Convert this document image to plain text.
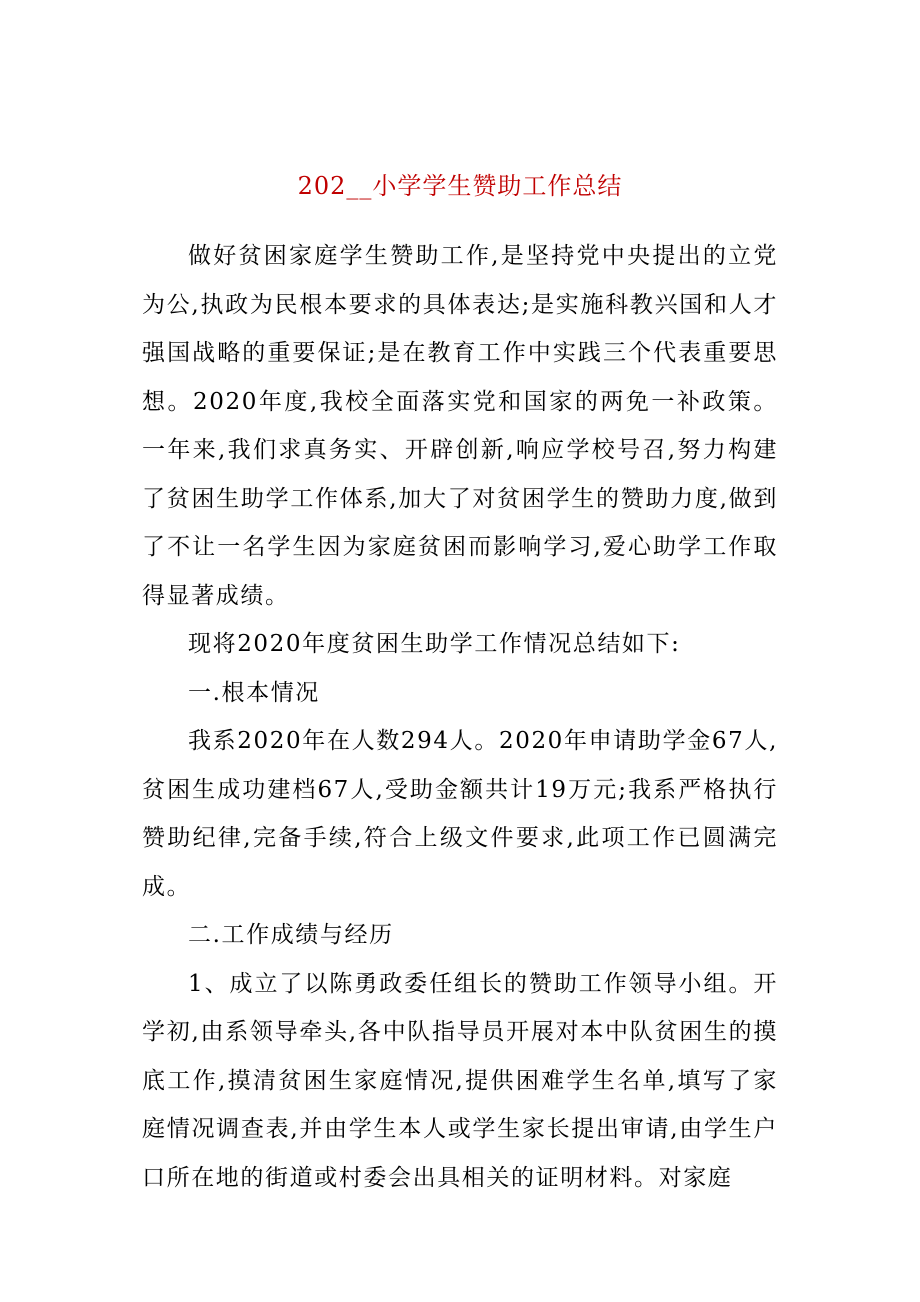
202__小学学生赞助工作总结

做好贫困家庭学生赞助工作,是坚持党中央提出的立党为公,执政为民根本要求的具体表达;是实施科教兴国和人才强国战略的重要保证;是在教育工作中实践三个代表重要思想。2020年度,我校全面落实党和国家的两免一补政策。一年来,我们求真务实、开辟创新,响应学校号召,努力构建了贫困生助学工作体系,加大了对贫困学生的赞助力度,做到了不让一名学生因为家庭贫困而影响学习,爱心助学工作取得显著成绩。

现将2020年度贫困生助学工作情况总结如下:

一.根本情况

我系2020年在人数294人。2020年申请助学金67人,贫困生成功建档67人,受助金额共计19万元;我系严格执行赞助纪律,完备手续,符合上级文件要求,此项工作已圆满完成。

二.工作成绩与经历

1、成立了以陈勇政委任组长的赞助工作领导小组。开学初,由系领导牵头,各中队指导员开展对本中队贫困生的摸底工作,摸清贫困生家庭情况,提供困难学生名单,填写了家庭情况调查表,并由学生本人或学生家长提出审请,由学生户口所在地的街道或村委会出具相关的证明材料。对家庭
